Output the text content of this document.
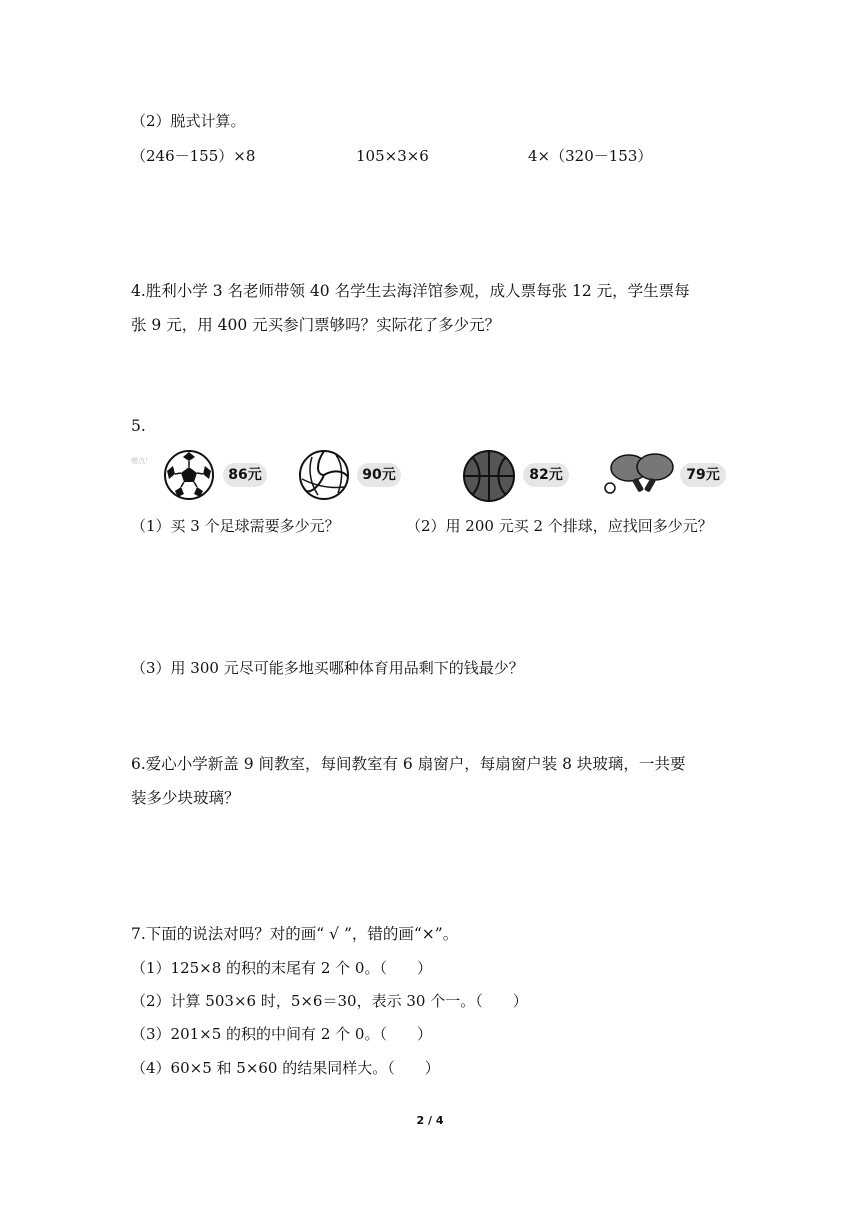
（2）脱式计算。
（246－155）×8	105×3×6	4×（320－153）
4.胜利小学 3 名老师带领 40 名学生去海洋馆参观，成人票每张 12 元，学生票每
张 9 元，用 400 元买参门票够吗？实际花了多少元？
5.
赠点！
86元	90元	82元	79元
（1）买 3 个足球需要多少元？	（2）用 200 元买 2 个排球，应找回多少元？
（3）用 300 元尽可能多地买哪种体育用品剩下的钱最少？
6.爱心小学新盖 9 间教室，每间教室有 6 扇窗户，每扇窗户装 8 块玻璃，一共要
装多少块玻璃？
7.下面的说法对吗？对的画“ √ ”，错的画“×”。
（1）125×8 的积的末尾有 2 个 0。（　　）
（2）计算 503×6 时，5×6＝30，表示 30 个一。（　　）
（3）201×5 的积的中间有 2 个 0。（　　）
（4）60×5 和 5×60 的结果同样大。（　　）
2 / 4
